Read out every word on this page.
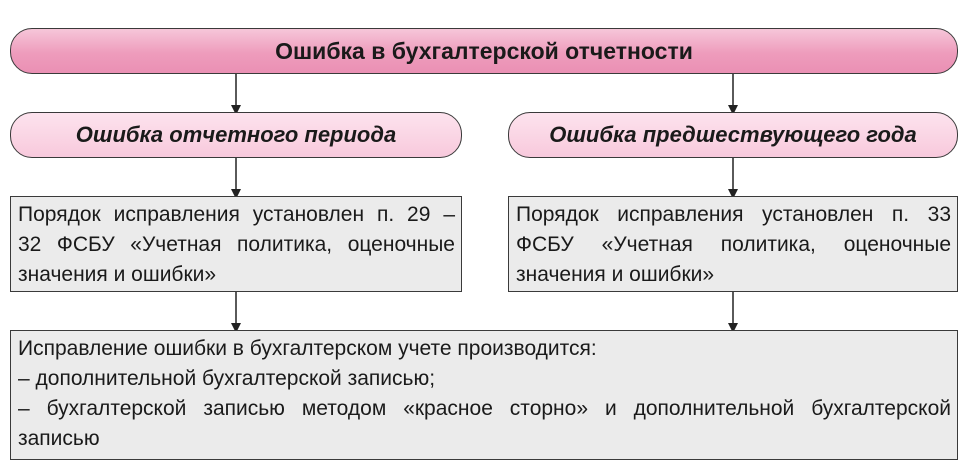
Ошибка в бухгалтерской отчетности
Ошибка отчетного периода	Ошибка предшествующего года
Порядок исправления установлен п. 29 –
32 ФСБУ «Учетная политика, оценочные
значения и ошибки»
Порядок исправления установлен п. 33
ФСБУ «Учетная политика, оценочные
значения и ошибки»
Исправление ошибки в бухгалтерском учете производится:
– дополнительной бухгалтерской записью;
– бухгалтерской записью методом «красное сторно» и дополнительной бухгалтерской
записью
